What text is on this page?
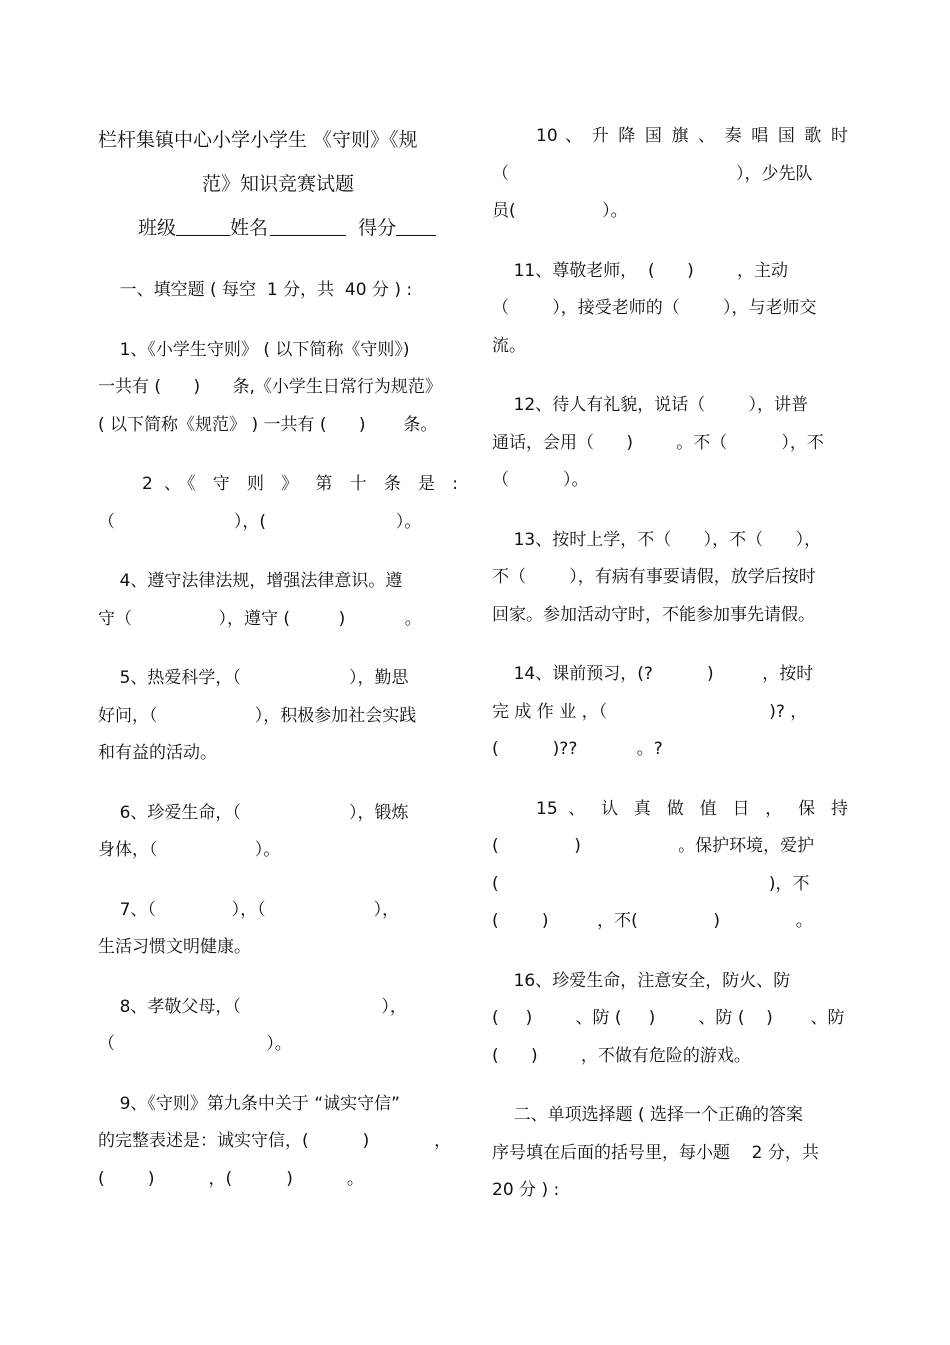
栏杆集镇中心小学小学生 《守则》《规
范》知识竞赛试题
班级	姓名	得分
一、填空题 ( 每空  1 分，共  40 分 ) :
1、《小学生守则》 ( 以下简称《守则》)
一共有 (      )      条,《小学生日常行为规范》
( 以下简称《规范》 ) 一共有 (      )       条。
2 、《 守 则 》 第 十 条 是 :
（                      ），(                        ）。
4、遵守法律法规，增强法律意识。遵
守（                ），遵守 (         )           。
5、热爱科学，（                    ），勤思
好问，（                  ），积极参加社会实践
和有益的活动。
6、珍爱生命，（                    ），锻炼
身体，（                  ）。
7、（              ），（                    ），
生活习惯文明健康。
8、孝敬父母，（                          ），
（                            ）。
9、《守则》第九条中关于 “诚实守信”
的完整表述是：诚实守信，(          )            ，
(        )          ，(          )          。
10 、 升 降 国 旗 、 奏 唱 国 歌 时
（                                          ），少先队
员(                ）。
11、尊敬老师，  (      )        ，主动
（        ），接受老师的（        ），与老师交
流。
12、待人有礼貌，说话（        ），讲普
通话，会用（      )        。不（          ），不
（          ）。
13、按时上学，不（      ），不（      ），
不（        ），有病有事要请假，放学后按时
回家。参加活动守时，不能参加事先请假。
14、课前预习，(?          )         ，按时
完 成 作 业 ，（                              )? ，
(          )??           。?
15 、 认 真 做 值 日 ， 保 持
(              )                  。保护环境，爱护
(                                                  )，不
(        )         ，不(              )              。
16、珍爱生命，注意安全，防火、防
(     )        、防 (     )        、防 (    )       、防
(      )        ，不做有危险的游戏。
二、单项选择题 ( 选择一个正确的答案
序号填在后面的括号里，每小题    2 分，共
20 分 ) :
